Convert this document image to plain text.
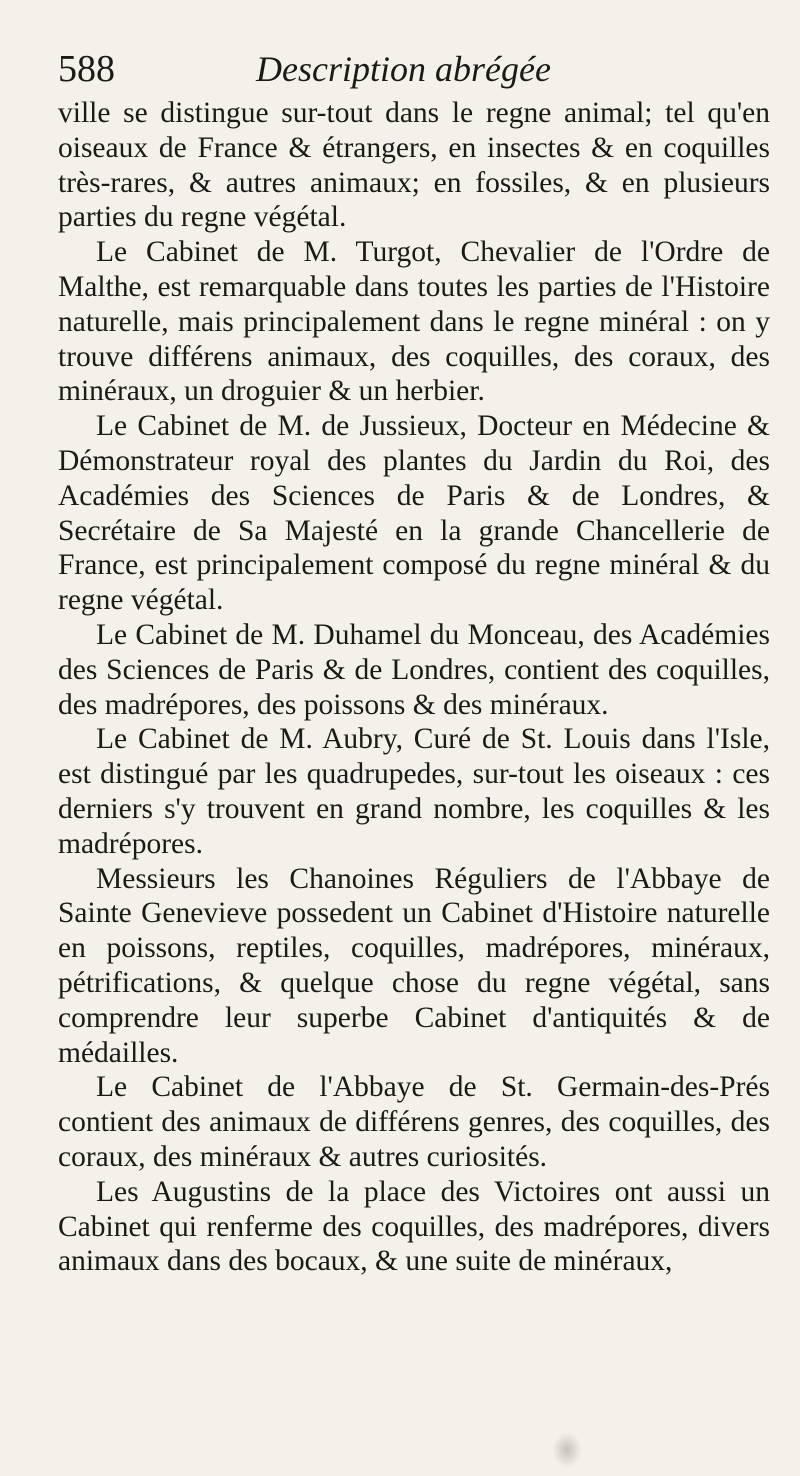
588	Description abrégée

ville se distingue sur-tout dans le regne animal; tel qu'en oiseaux de France & étrangers, en insectes & en coquilles très-rares, & autres animaux; en fossiles, & en plusieurs parties du regne végétal.

Le Cabinet de M. Turgot, Chevalier de l'Ordre de Malthe, est remarquable dans toutes les parties de l'Histoire naturelle, mais principalement dans le regne minéral : on y trouve différens animaux, des coquilles, des coraux, des minéraux, un droguier & un herbier.

Le Cabinet de M. de Jussieux, Docteur en Médecine & Démonstrateur royal des plantes du Jardin du Roi, des Académies des Sciences de Paris & de Londres, & Secrétaire de Sa Majesté en la grande Chancellerie de France, est principalement composé du regne minéral & du regne végétal.

Le Cabinet de M. Duhamel du Monceau, des Académies des Sciences de Paris & de Londres, contient des coquilles, des madrépores, des poissons & des minéraux.

Le Cabinet de M. Aubry, Curé de St. Louis dans l'Isle, est distingué par les quadrupedes, sur-tout les oiseaux : ces derniers s'y trouvent en grand nombre, les coquilles & les madrépores.

Messieurs les Chanoines Réguliers de l'Abbaye de Sainte Genevieve possedent un Cabinet d'Histoire naturelle en poissons, reptiles, coquilles, madrépores, minéraux, pétrifications, & quelque chose du regne végétal, sans comprendre leur superbe Cabinet d'antiquités & de médailles.

Le Cabinet de l'Abbaye de St. Germain-des-Prés contient des animaux de différens genres, des coquilles, des coraux, des minéraux & autres curiosités.

Les Augustins de la place des Victoires ont aussi un Cabinet qui renferme des coquilles, des madrépores, divers animaux dans des bocaux, & une suite de minéraux,
